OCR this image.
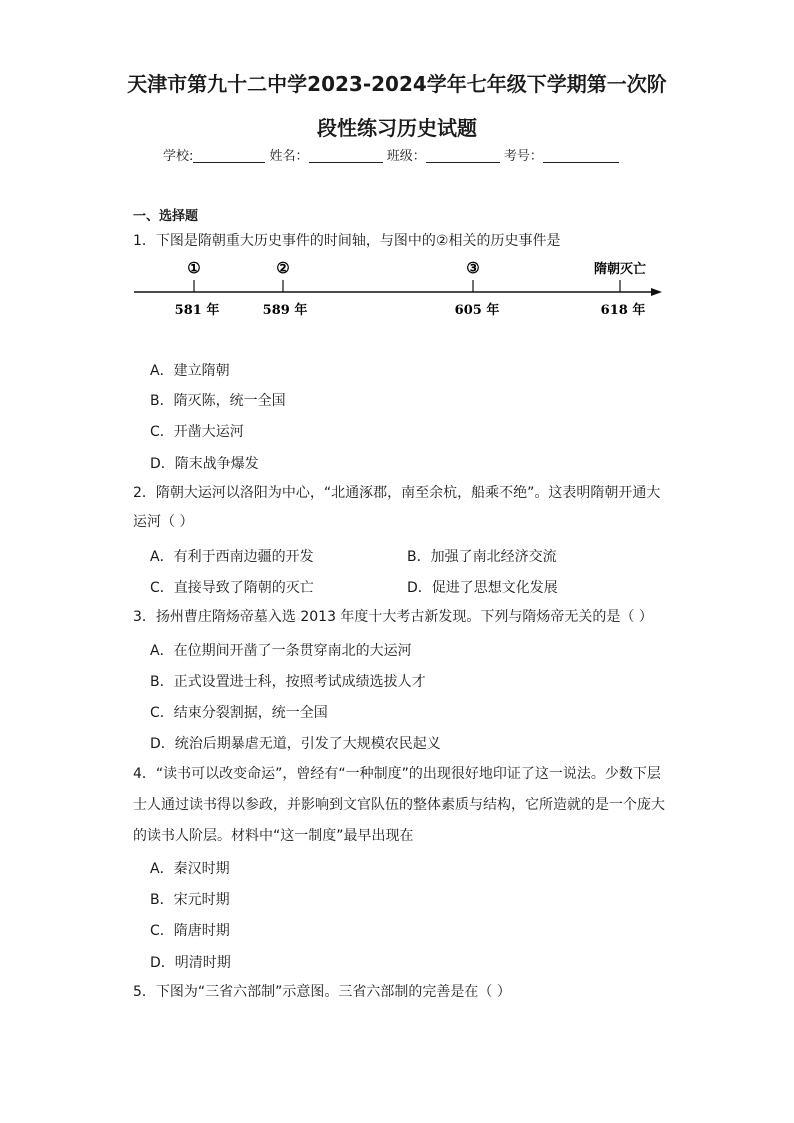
天津市第九十二中学2023-2024学年七年级下学期第一次阶
段性练习历史试题
学校:	姓名：	班级：	考号：
一、选择题
1．下图是隋朝重大历史事件的时间轴，与图中的②相关的历史事件是
①	②	③	隋朝灭亡
581 年	589 年	605 年	618 年
A．建立隋朝
B．隋灭陈，统一全国
C．开凿大运河
D．隋末战争爆发
2．隋朝大运河以洛阳为中心，“北通涿郡，南至余杭，船乘不绝”。这表明隋朝开通大
运河（ ）
A．有利于西南边疆的开发	B．加强了南北经济交流
C．直接导致了隋朝的灭亡	D．促进了思想文化发展
3．扬州曹庄隋炀帝墓入选 2013 年度十大考古新发现。下列与隋炀帝无关的是（ ）
A．在位期间开凿了一条贯穿南北的大运河
B．正式设置进士科，按照考试成绩选拔人才
C．结束分裂割据，统一全国
D．统治后期暴虐无道，引发了大规模农民起义
4．“读书可以改变命运”，曾经有“一种制度”的出现很好地印证了这一说法。少数下层
士人通过读书得以参政，并影响到文官队伍的整体素质与结构，它所造就的是一个庞大
的读书人阶层。材料中“这一制度”最早出现在
A．秦汉时期
B．宋元时期
C．隋唐时期
D．明清时期
5．下图为“三省六部制”示意图。三省六部制的完善是在（ ）
